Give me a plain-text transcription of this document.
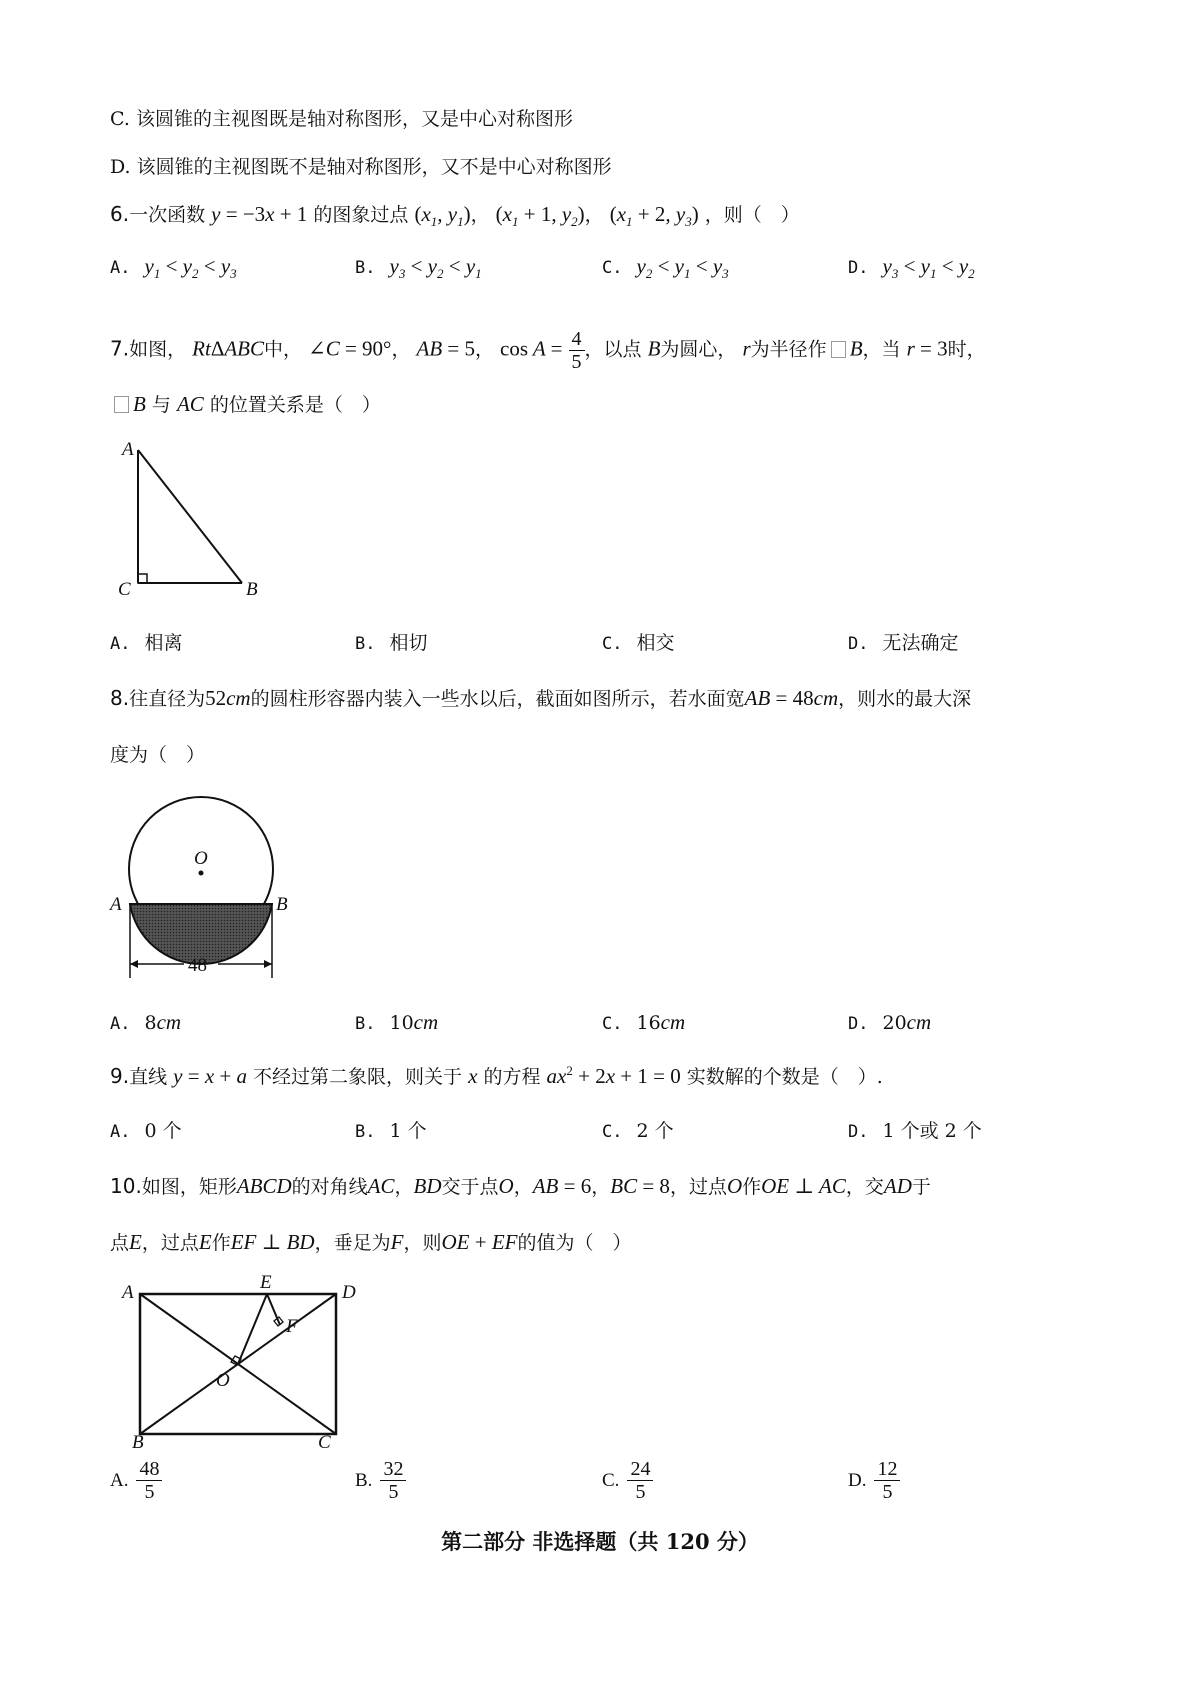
C. 该圆锥的主视图既是轴对称图形，又是中心对称图形
D. 该圆锥的主视图既不是轴对称图形，又不是中心对称图形
6.一次函数 y = −3x + 1 的图象过点 ($x_1$, $y_1$)， ($x_1 + 1$, $y_2$)， ($x_1 + 2$, $y_3$) ，则（　）
A. $y_1 < y_2 < y_3$	B. $y_3 < y_2 < y_1$	C. $y_2 < y_1 < y_3$	D. $y_3 < y_1 < y_2$
7.如图， RtΔABC中， ∠C = 90°， AB = 5， $\cos A = \frac{4}{5}$ ，以点 B为圆心， r为半径作 B，当 r = 3时，
B 与 AC 的位置关系是（　）
A
C	B
A. 相离	B. 相切	C. 相交	D. 无法确定
8.往直径为52cm的圆柱形容器内装入一些水以后，截面如图所示，若水面宽AB = 48cm，则水的最大深
度为（　）
O
A	B
48
A. 8cm	B. 10cm	C. 16cm	D. 20cm
9.直线 y = x + a 不经过第二象限，则关于 x 的方程 $ax^2 + 2x + 1 = 0$ 实数解的个数是（　）.
A. 0 个	B. 1 个	C. 2 个	D. 1 个或 2 个
10.如图，矩形ABCD的对角线AC，BD交于点O，AB = 6，BC = 8，过点O作OE ⊥ AC，交AD于
点E，过点E作EF ⊥ BD，垂足为F，则OE + EF的值为（　）
A	E	D
F
O
B	C
A. $\frac{48}{5}$	B. $\frac{32}{5}$	C. $\frac{24}{5}$	D. $\frac{12}{5}$
第二部分 非选择题（共 120 分）
